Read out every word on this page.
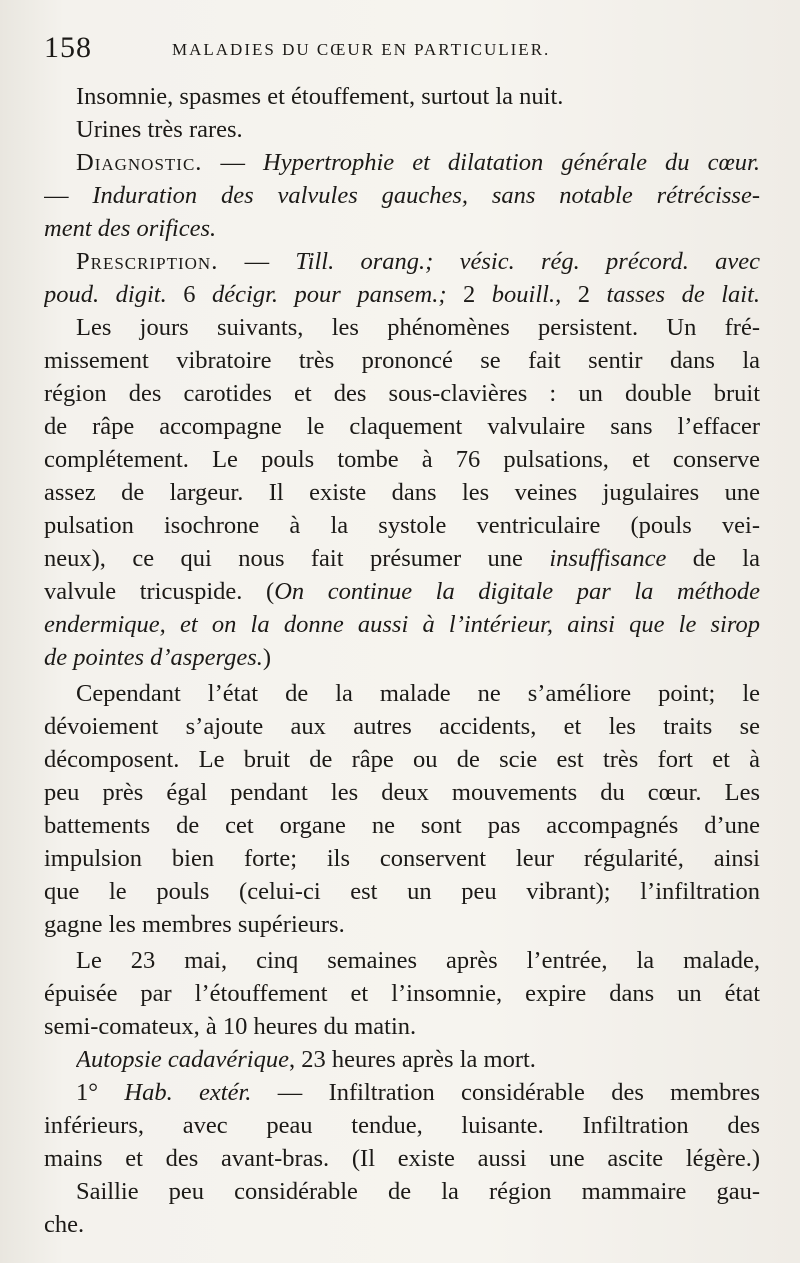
158	MALADIES DU CŒUR EN PARTICULIER.
Insomnie, spasmes et étouffement, surtout la nuit.
Urines très rares.
Diagnostic. — Hypertrophie et dilatation générale du cœur.
— Induration des valvules gauches, sans notable rétrécisse-
ment des orifices.
Prescription. — Till. orang.; vésic. rég. précord. avec
poud. digit. 6 décigr. pour pansem.; 2 bouill., 2 tasses de lait.
Les jours suivants, les phénomènes persistent. Un fré-
missement vibratoire très prononcé se fait sentir dans la
région des carotides et des sous-clavières : un double bruit
de râpe accompagne le claquement valvulaire sans l’effacer
complétement. Le pouls tombe à 76 pulsations, et conserve
assez de largeur. Il existe dans les veines jugulaires une
pulsation isochrone à la systole ventriculaire (pouls vei-
neux), ce qui nous fait présumer une insuffisance de la
valvule tricuspide. (On continue la digitale par la méthode
endermique, et on la donne aussi à l’intérieur, ainsi que le sirop
de pointes d’asperges.)
Cependant l’état de la malade ne s’améliore point; le
dévoiement s’ajoute aux autres accidents, et les traits se
décomposent. Le bruit de râpe ou de scie est très fort et à
peu près égal pendant les deux mouvements du cœur. Les
battements de cet organe ne sont pas accompagnés d’une
impulsion bien forte; ils conservent leur régularité, ainsi
que le pouls (celui-ci est un peu vibrant); l’infiltration
gagne les membres supérieurs.
Le 23 mai, cinq semaines après l’entrée, la malade,
épuisée par l’étouffement et l’insomnie, expire dans un état
semi-comateux, à 10 heures du matin.
Autopsie cadavérique, 23 heures après la mort.
1° Hab. extér. — Infiltration considérable des membres
inférieurs, avec peau tendue, luisante. Infiltration des
mains et des avant-bras. (Il existe aussi une ascite légère.)
Saillie peu considérable de la région mammaire gau-
che.
